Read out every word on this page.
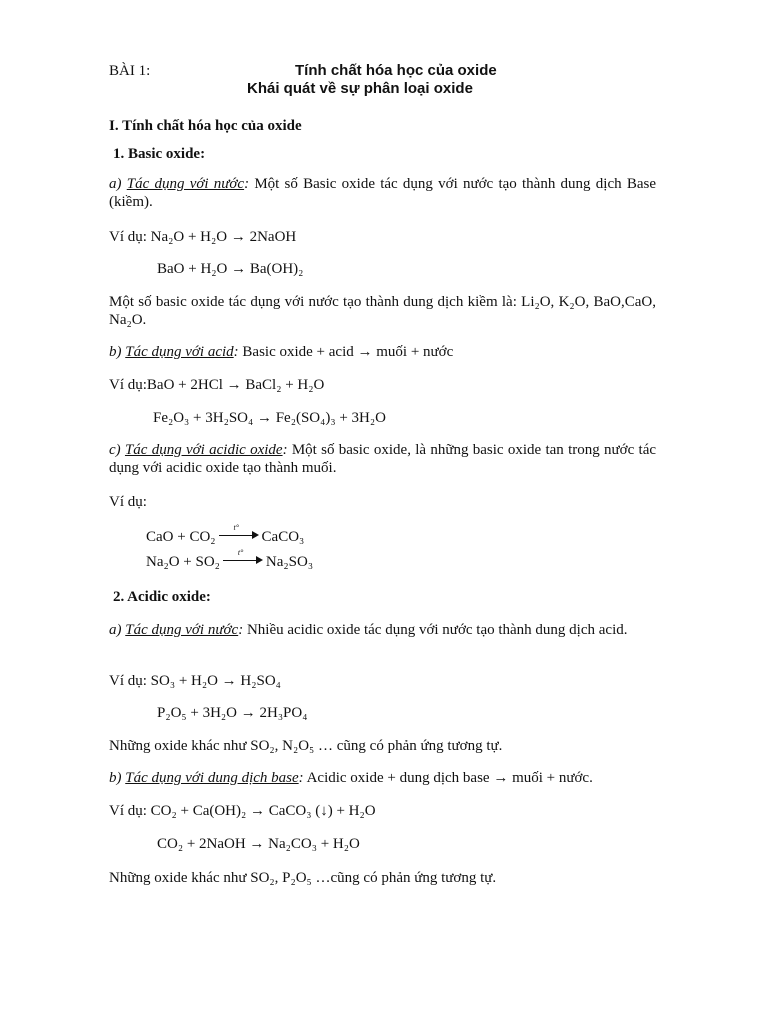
BÀI 1:	Tính chất hóa học của oxide
Khái quát về sự phân loại oxide
I. Tính chất hóa học của oxide
1. Basic oxide:
a) Tác dụng với nước: Một số Basic oxide tác dụng với nước tạo thành dung dịch Base (kiềm).
Ví dụ: Na₂O + H₂O → 2NaOH
BaO + H₂O → Ba(OH)₂
Một số basic oxide tác dụng với nước tạo thành dung dịch kiềm là: Li₂O, K₂O, BaO,CaO, Na₂O.
b) Tác dụng với acid: Basic oxide + acid → muối + nước
Ví dụ:BaO + 2HCl → BaCl₂ + H₂O
Fe₂O₃ + 3H₂SO₄ → Fe₂(SO₄)₃ + 3H₂O
c) Tác dụng với acidic oxide: Một số basic oxide, là những basic oxide tan trong nước tác dụng với acidic oxide tạo thành muối.
Ví dụ:
CaO + CO₂
t°
CaCO₃
Na₂O + SO₂
t°
Na₂SO₃
2. Acidic oxide:
a) Tác dụng với nước: Nhiều acidic oxide tác dụng với nước tạo thành dung dịch acid.
Ví dụ: SO₃ + H₂O → H₂SO₄
P₂O₅ + 3H₂O → 2H₃PO₄
Những oxide khác như SO₂, N₂O₅ … cũng có phản ứng tương tự.
b) Tác dụng với dung dịch base: Acidic oxide + dung dịch base → muối + nước.
Ví dụ: CO₂ + Ca(OH)₂ → CaCO₃ (↓) + H₂O
CO₂ + 2NaOH → Na₂CO₃ + H₂O
Những oxide khác như SO₂, P₂O₅ …cũng có phản ứng tương tự.
